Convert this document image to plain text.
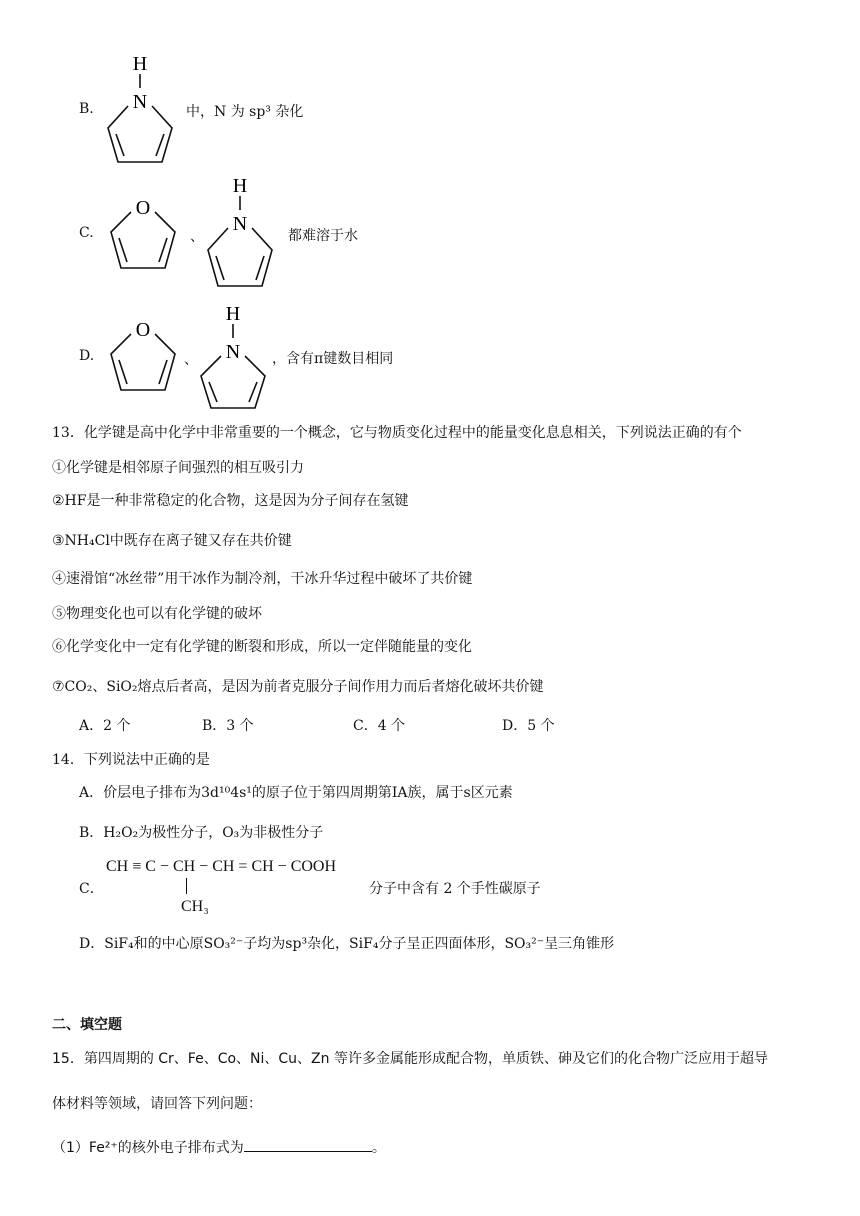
B.
H
N	中，N 为 sp³ 杂化
C.
O
、
H
N
都难溶于水
D.
O
、
H
N ，含有π键数目相同
13．化学键是高中化学中非常重要的一个概念，它与物质变化过程中的能量变化息息相关，下列说法正确的有个
①化学键是相邻原子间强烈的相互吸引力
②HF是一种非常稳定的化合物，这是因为分子间存在氢键
③NH₄Cl中既存在离子键又存在共价键
④速滑馆“冰丝带”用干冰作为制冷剂，干冰升华过程中破坏了共价键
⑤物理变化也可以有化学键的破坏
⑥化学变化中一定有化学键的断裂和形成，所以一定伴随能量的变化
⑦CO₂、SiO₂熔点后者高，是因为前者克服分子间作用力而后者熔化破坏共价键
A．2 个	B．3 个	C．4 个	D．5 个
14．下列说法中正确的是
A．价层电子排布为3d¹⁰4s¹的原子位于第四周期第ⅠA族，属于s区元素
B．H₂O₂为极性分子，O₃为非极性分子
C．
CH ≡ C − CH − CH = CH − COOH
CH₃
分子中含有 2 个手性碳原子
D．SiF₄和的中心原SO₃²⁻子均为sp³杂化，SiF₄分子呈正四面体形，SO₃²⁻呈三角锥形
二、填空题
15．第四周期的 Cr、Fe、Co、Ni、Cu、Zn 等许多金属能形成配合物，单质铁、砷及它们的化合物广泛应用于超导
体材料等领域，请回答下列问题：
（1）Fe²⁺的核外电子排布式为	。
